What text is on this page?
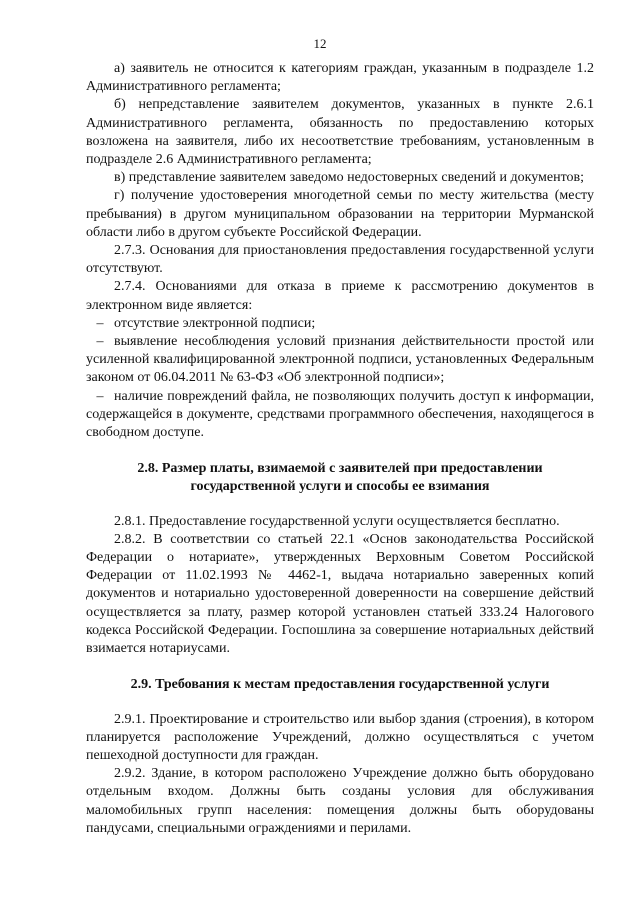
12

а) заявитель не относится к категориям граждан, указанным в подразделе 1.2 Административного регламента;

б) непредставление заявителем документов, указанных в пункте 2.6.1 Административного регламента, обязанность по предоставлению которых возложена на заявителя, либо их несоответствие требованиям, установленным в подразделе 2.6 Административного регламента;

в) представление заявителем заведомо недостоверных сведений и документов;

г) получение удостоверения многодетной семьи по месту жительства (месту пребывания) в другом муниципальном образовании на территории Мурманской области либо в другом субъекте Российской Федерации.

2.7.3. Основания для приостановления предоставления государственной услуги отсутствуют.

2.7.4. Основаниями для отказа в приеме к рассмотрению документов в электронном виде является:

– отсутствие электронной подписи;

– выявление несоблюдения условий признания действительности простой или усиленной квалифицированной электронной подписи, установленных Федеральным законом от 06.04.2011 № 63-ФЗ «Об электронной подписи»;

– наличие повреждений файла, не позволяющих получить доступ к информации, содержащейся в документе, средствами программного обеспечения, находящегося в свободном доступе.

2.8. Размер платы, взимаемой с заявителей при предоставлении

государственной услуги и способы ее взимания

2.8.1. Предоставление государственной услуги осуществляется бесплатно.

2.8.2. В соответствии со статьей 22.1 «Основ законодательства Российской Федерации о нотариате», утвержденных Верховным Советом Российской Федерации от 11.02.1993 № 4462-1, выдача нотариально заверенных копий документов и нотариально удостоверенной доверенности на совершение действий осуществляется за плату, размер которой установлен статьей 333.24 Налогового кодекса Российской Федерации. Госпошлина за совершение нотариальных действий взимается нотариусами.

2.9. Требования к местам предоставления государственной услуги

2.9.1. Проектирование и строительство или выбор здания (строения), в котором планируется расположение Учреждений, должно осуществляться с учетом пешеходной доступности для граждан.

2.9.2. Здание, в котором расположено Учреждение должно быть оборудовано отдельным входом. Должны быть созданы условия для обслуживания маломобильных групп населения: помещения должны быть оборудованы пандусами, специальными ограждениями и перилами.
